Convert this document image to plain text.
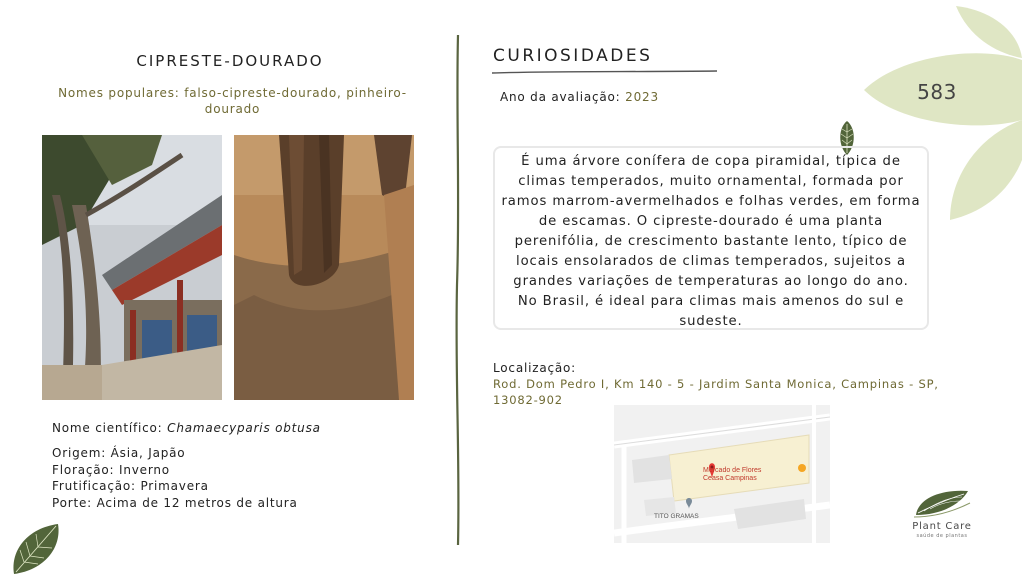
583
CIPRESTE-DOURADO
Nomes populares: falso-cipreste-dourado, pinheiro-dourado
Nome científico: Chamaecyparis obtusa
Origem: Ásia, Japão
Floração: Inverno
Frutificação: Primavera
Porte: Acima de 12 metros de altura
CURIOSIDADES
Ano da avaliação: 2023

É uma árvore conífera de copa piramidal, típica de climas temperados, muito ornamental, formada por ramos marrom-avermelhados e folhas verdes, em forma de escamas. O cipreste-dourado é uma planta perenifólia, de crescimento bastante lento, típico de locais ensolarados de climas temperados, sujeitos a grandes variações de temperaturas ao longo do ano. No Brasil, é ideal para climas mais amenos do sul e sudeste.

Localização:
Rod. Dom Pedro I, Km 140 - 5 - Jardim Santa Monica, Campinas - SP, 13082-902
Mercado de Flores
Ceasa Campinas
TITO GRAMAS
Plant Care
saúde de plantas
